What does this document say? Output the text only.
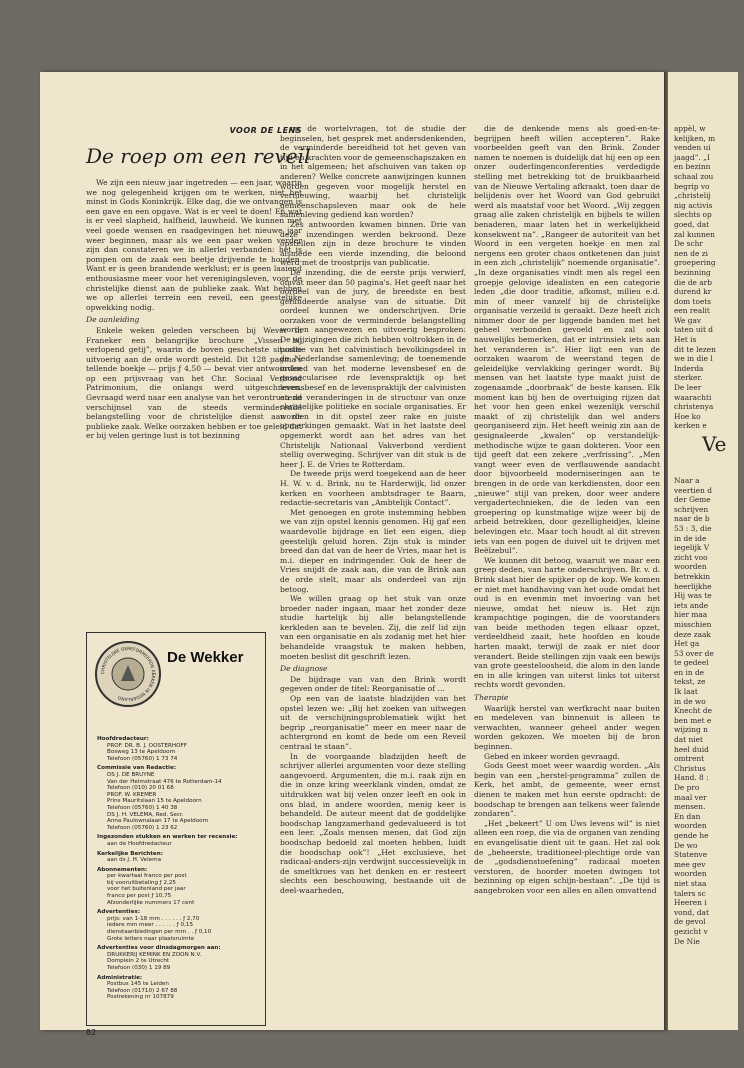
VOOR DE LENS
De roep om een reveil

We zijn een nieuw jaar ingetreden — een jaar, waarin we nog gelegenheid krijgen om te werken, niet het minst in Gods Koninkrijk. Elke dag, die we ontvangen is een gave en een opgave. Wat is er veel te doen! En wat is er veel slapheid, halfheid, lauwheid. We kunnen met veel goede wensen en raadgevingen het nieuwe jaar weer beginnen, maar als we een paar weken verder zijn dan constateren we in allerlei verbanden: het is pompen om de zaak een beetje drijvende te houden. Want er is geen brandende werklust; er is geen laaiend enthousiasme meer voor het verenigingsleven, voor de christelijke dienst aan de publieke zaak. Wat hebben we op allerlei terrein een reveil, een geestelijke opwekking nodig.

De aanleiding

Enkele weken geleden verscheen bij Wever in Franeker een belangrijke brochure „Vissen bij verlopend getij”, waarin de boven geschetste situatie uitvoerig aan de orde wordt gesteld. Dit 128 pagina's tellende boekje — prijs ƒ 4,50 — bevat vier antwoorden op een prijsvraag van het Chr. Sociaal Verbond Patrimonium, die onlangs werd uitgeschreven. Gevraagd werd naar een analyse van het verontrustend verschijnsel van de steeds verminderende belangstelling voor de christelijke dienst aan de publieke zaak. Welke oorzaken hebben er toe geleid dat er bij velen geringe lust is tot bezinning

CHRISTELIJKE GEREFORMEERDE KERKEN IN NEDERLAND
De Wekker
Hoofdredacteur:
PROF. DR. B. J. OOSTERHOFF
Bosweg 13 te Apeldoorn
Telefoon (05760) 1 73 74
Commissie van Redactie:
DS J. DE BRUYNE
Van der Helmstraat 476 te Rotterdam-14
Telefoon (010) 20 01 68
PROF. W. KREMER
Prins Mauritslaan 15 te Apeldoorn
Telefoon (05760) 1 40 38
DS J. H. VELEMA, Red. Secr.
Anna Paulownalaan 17 te Apeldoorn
Telefoon (05760) 1 23 62
Ingezonden stukken en werken ter recensie:
aan de Hoofdredacteur
Kerkelijke Berichten:
aan ds J. H. Velema
Abonnementen:
per kwartaal franco per post
bij vooruitbetaling ƒ 2,25
voor het buitenland per jaar
franco per post ƒ 10,75
Afzonderlijke nummers 17 cent
Advertenties:
prijs: van 1-18 mm . . . . . . ƒ 2,70
iedere mm meer . . . . . . ƒ 0,15
dienstaanbiedingen per mm . . ƒ 0,10
Grote letters naar plaatsruimte
Advertenties voor dinsdagmorgen aan:
DRUKKERIJ KEMINK EN ZOON N.V.
Domplein 2 te Utrecht
Telefoon (030) 1 19 89
Administratie:
Postbus 145 te Leiden
Telefoon (01710) 2 67 88
Postrekening nr 107879

op de wortelvragen, tot de studie der beginselen, het gesprek met andersdenkenden, de verminderde bereidheid tot het geven van tijd en krachten voor de gemeenschapszaken en in het algemeen; het afschuiven van taken op anderen? Welke concrete aanwijzingen kunnen worden gegeven voor mogelijk herstel en vernieuwing, waarbij het christelijk gemeenschapsleven maar ook de hele samenleving gediend kan worden?

Zes antwoorden kwamen binnen. Drie van deze inzendingen werden bekroond. Deze opstellen zijn in deze brochure te vinden alsmede een vierde inzending, die beloond werd met de troostprijs van publicatie.

De inzending, die de eerste prijs verwierf, omvat meer dan 50 pagina's. Het geeft naar het oordeel van de jury, de breedste en best gefundeerde analyse van de situatie. Dit oordeel kunnen we onderschrijven. Drie oorzaken voor de verminderde belangstelling worden aangewezen en uitvoerig besproken: De wijzigingen die zich hebben voltrokken in de positie van het calvinistisch bevolkingsdeel in de Nederlandse samenleving; de toenemende invloed van het moderne levensbesef en de gesaecularisee rde levenspraktijk op het levensbesef en de levenspraktijk der calvinisten en de veranderingen in de structuur van onze christelijke politieke en sociale organisaties. Er worden in dit opstel zeer rake en juiste opmerkingen gemaakt. Wat in het laatste deel opgemerkt wordt aan het adres van het Christelijk Nationaal Vakverbond verdient stellig overweging. Schrijver van dit stuk is de heer J. E. de Vries te Rotterdam.

De tweede prijs werd toegekend aan de heer H. W. v. d. Brink, nu te Harderwijk, lid onzer kerken en voorheen ambtsdrager te Baarn, redactie-secretaris van „Ambtelijk Contact”.

Met genoegen en grote instemming hebben we van zijn opstel kennis genomen. Hij gaf een waardevolle bijdrage en liet een eigen, diep geestelijk geluid horen. Zijn stuk is minder breed dan dat van de heer de Vries, maar het is m.i. dieper en indringender. Ook de heer de Vries snijdt de zaak aan, die van de Brink aan de orde stelt, maar als onderdeel van zijn betoog.

We willen graag op het stuk van onze broeder nader ingaan, maar het zonder deze studie hartelijk bij alle belangstellende kerkleden aan te bevelen. Zij, die zelf lid zijn van een organisatie en als zodanig met het hier behandelde vraagstuk te maken hebben, moeten beslist dit geschrift lezen.

De diagnose

De bijdrage van van den Brink wordt gegeven onder de titel: Reorganisatie of ...

Op een van de laatste bladzijden van het opstel lezen we: „Bij het zoeken van uitwegen uit de verschijningsproblematiek wijkt het begrip „reorganisatie” meer en meer naar de achtergrond en komt de bede om een Reveil centraal te staan”.

In de voorgaande bladzijden heeft de schrijver allerlei argumenten voor deze stelling aangevoerd. Argumenten, die m.i. raak zijn en die in onze kring weerklank vinden, omdat ze uitdrukken wat bij velen onzer leeft en ook in ons blad, in andere woorden, menig keer is behandeld. De auteur meent dat de goddelijke boodschap langzamerhand gedevalueerd is tot een leer. „Zoals mensen menen, dat God zijn boodschap bedoeld zal moeten hebben, luidt die boodschap ook”! „Het exclusieve, het radicaal-anders-zijn verdwijnt successievelijk in de smeltkroes van het denken en er resteert slechts een beschouwing, bestaande uit de deel-waarheden,

die de denkende mens als goed-en-te-begrijpen heeft willen accepteren”. Rake voorbeelden geeft van den Brink. Zonder namen te noemen is duidelijk dat hij een op een onzer ouderlingenconferenties verdedigde stelling met betrekking tot de bruikbaarheid van de Nieuwe Vertaling afkraakt, toen daar de belijdenis over het Woord van God gebruikt werd als maatstaf voor het Woord. „Wij zeggen graag alle zaken christelijk en bijbels te willen benaderen, maar laten het in werkelijkheid konsekwent na”. „Rangeer de autoriteit van het Woord in een vergeten hoekje en men zal nergens een groter chaos ontketenen dan juist in een zich „christelijk” noemende organisatie”. „In deze organisaties vindt men als regel een groepje gelovige idealisten en een categorie leden „die door traditie, afkomst, milieu e.d. min of meer vanzelf bij de christelijke organisatie verzeild is geraakt. Deze heeft zich nimmer door de per liggende banden met het geheel verbonden gevoeld en zal ook nauwelijks bemerken, dat er intrinsiek iets aan het veranderen is”. Hier ligt een van de oorzaken waarom de weerstand tegen de geleidelijke vervlakking geringer wordt. Bij mensen van het laatste type maakt juist de zogenaamde „doorbraak” de beste kansen. Elk moment kan bij hen de overtuiging rijzen dat het voor hen geen enkel wezenlijk verschil maakt of zij christelijk dan wel anders georganiseerd zijn. Het heeft weinig zin aan de gesignaleerde „kwalen” op verstandelijk-methodische wijze te gaan dokteren. Voor een tijd geeft dat een zekere „verfrissing”. „Men vangt weer even de verflauwende aandacht door bijvoorbeeld moderniseringen aan te brengen in de orde van kerkdiensten, door een „nieuwe” stijl van preken, door weer andere vergadertechnieken, die de leden van een groepering op kunstmatige wijze weer bij de arbeid betrekken, door gezelligheidjes, kleine belevingen etc. Maar toch houdt al dit streven iets van een pogen de duivel uit te drijven met Beëlzebul”.

We kunnen dit betoog, waaruit we maar een greep deden, van harte onderschrijven. Br. v. d. Brink slaat hier de spijker op de kop. We komen er niet met handhaving van het oude omdat het oud is en evenmin met invoering van het nieuwe, omdat het nieuw is. Het zijn krampachtige pogingen, die de voorstanders van beide methoden tegen elkaar opzet, verdeeldheid zaait, hete hoofden en koude harten maakt, terwijl de zaak er niet door verandert. Beide stellingen zijn vaak een bewijs van grote geesteloosheid, die alom in den lande en in alle kringen van uiterst links tot uiterst rechts wordt gevonden.

Therapie

Waarlijk herstel van werfkracht naar buiten en medeleven van binnenuit is alleen te verwachten, wanneer geheel ander wegen worden gekozen. We moeten bij de bron beginnen.

Gebed en inkeer worden gevraagd.

Gods Geest moet weer waardig worden. „Als begin van een „herstel-programma” zullen de Kerk, het ambt, de gemeente, weer ernst dienen te maken met hun eerste opdracht: de boodschap te brengen aan telkens weer falende zondaren”.

„Het „bekeert” U om Uws levens wil” is niet alleen een roep, die via de organen van zending en evangelisatie dient uit te gaan. Het zal ook de „beheerste, traditioneel-plechtige orde van de „godsdienstoefening” radicaal moeten verstoren, de hoorder moeten dwingen tot bezinning op eigen schijn-bestaan”. „De tijd is aangebroken voor een alles en allen omvattend

82
appèl, w
kelijken, m
venden ui
jaagd”. „I
en bezinn
schaal zou
begrip vo
„christelij
nig activis
slechts op
goed, dat
zal kunnen
De schr
nen de zi
groepering
bezinning
die de arb
durend kr
dom toets
een realit
We gav
taten uit d
Het is
dit te lezen
we in die l
Inderda
sterker.
De leer
waarachti
christenya
Hoe ko
kerken e
Ve
Naar a
veertien d
der Geme
schrijven
naar de b
53 : 3, die
in de ide
iegelijk V
zicht voo
woorden
betrekkin
heerlijkhe
Hij was te
iets ande
hier maa
misschien
deze zaak
Het ga
53 over de
te gedeel
en in de
tekst, ze
Ik laat
in de wo
Knecht de
ben met e
wijzing n
dat niet
heel duid
omtrent
Christus
Hand. 8 :
De pro
maal ver
mensen.
En dan
woorden
gende he
De wo
Statenve
mee gev
woorden
niet staa
talers sc
Heeren i
vond, dat
de gevol
gezicht v
De Nie
